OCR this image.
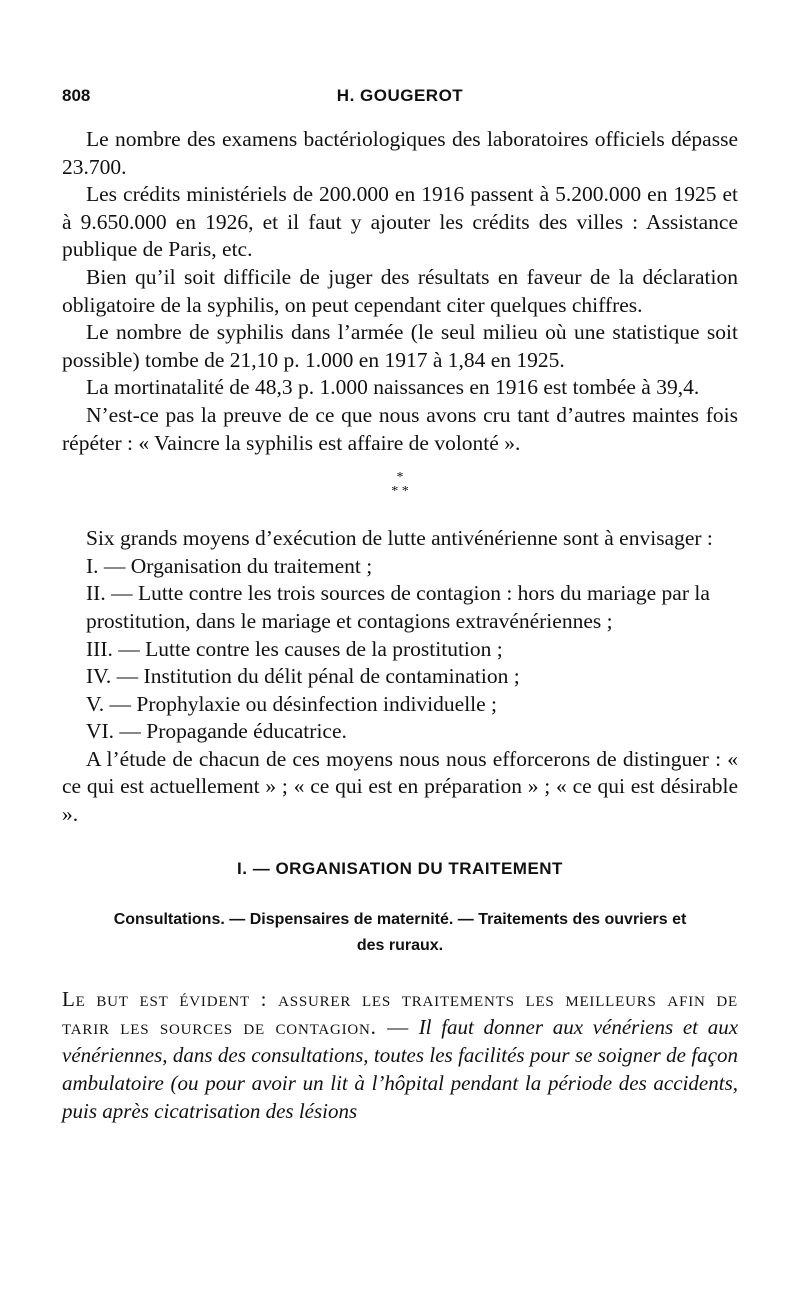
808	H. GOUGEROT

Le nombre des examens bactériologiques des laboratoires officiels dépasse 23.700.

Les crédits ministériels de 200.000 en 1916 passent à 5.200.000 en 1925 et à 9.650.000 en 1926, et il faut y ajouter les crédits des villes : Assistance publique de Paris, etc.

Bien qu’il soit difficile de juger des résultats en faveur de la déclaration obligatoire de la syphilis, on peut cependant citer quelques chiffres.

Le nombre de syphilis dans l’armée (le seul milieu où une statistique soit possible) tombe de 21,10 p. 1.000 en 1917 à 1,84 en 1925.

La mortinatalité de 48,3 p. 1.000 naissances en 1916 est tombée à 39,4.

N’est-ce pas la preuve de ce que nous avons cru tant d’autres maintes fois répéter : « Vaincre la syphilis est affaire de volonté ».

*
* *

Six grands moyens d’exécution de lutte antivénérienne sont à envisager :

I. — Organisation du traitement ;

II. — Lutte contre les trois sources de contagion : hors du mariage par la prostitution, dans le mariage et contagions extravénériennes ;

III. — Lutte contre les causes de la prostitution ;

IV. — Institution du délit pénal de contamination ;

V. — Prophylaxie ou désinfection individuelle ;

VI. — Propagande éducatrice.

A l’étude de chacun de ces moyens nous nous efforcerons de distinguer : « ce qui est actuellement » ; « ce qui est en préparation » ; « ce qui est désirable ».

I. — ORGANISATION DU TRAITEMENT
Consultations. — Dispensaires de maternité. — Traitements des ouvriers et des ruraux.

Le but est évident : assurer les traitements les meilleurs afin de tarir les sources de contagion. — Il faut donner aux vénériens et aux vénériennes, dans des consultations, toutes les facilités pour se soigner de façon ambulatoire (ou pour avoir un lit à l’hôpital pendant la période des accidents, puis après cicatrisation des lésions
